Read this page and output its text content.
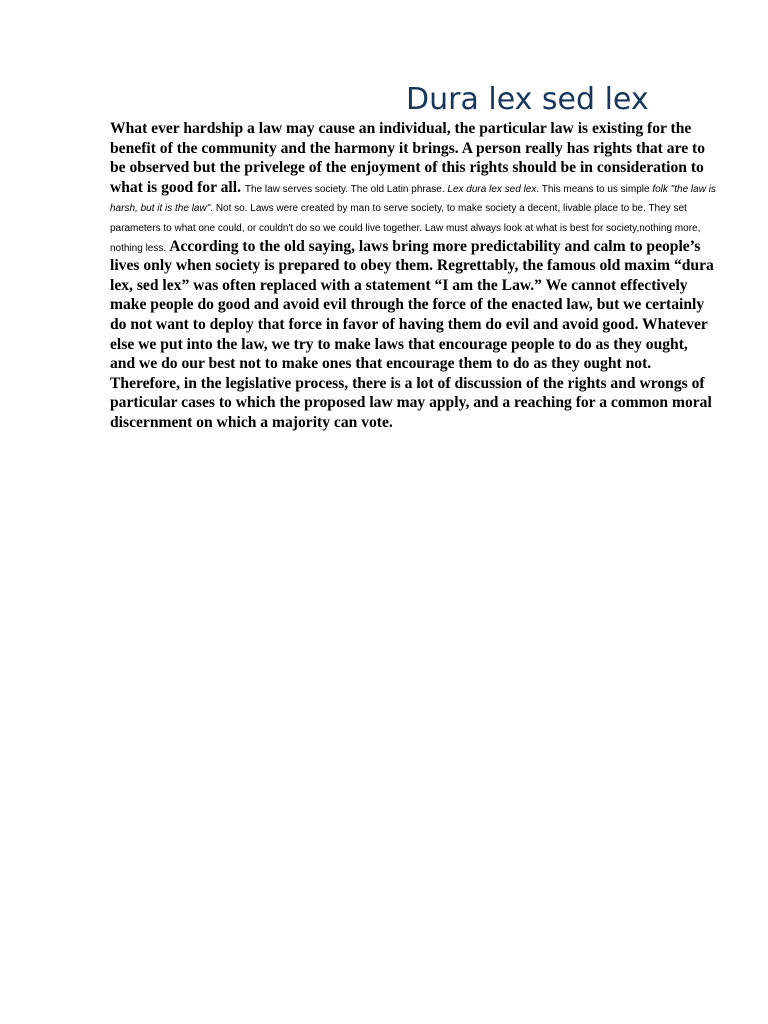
Dura lex sed lex

What ever hardship a law may cause an individual, the particular law is existing for the benefit of the community and the harmony it brings. A person really has rights that are to be observed but the privelege of the enjoyment of this rights should be in consideration to what is good for all. The law serves society. The old Latin phrase. Lex dura lex sed lex. This means to us simple folk "the law is harsh, but it is the law". Not so. Laws were created by man to serve society, to make society a decent, livable place to be. They set parameters to what one could, or couldn't do so we could live together. Law must always look at what is best for society,nothing more, nothing less. According to the old saying, laws bring more predictability and calm to people’s lives only when society is prepared to obey them. Regrettably, the famous old maxim “dura lex, sed lex” was often replaced with a statement “I am the Law.” We cannot effectively make people do good and avoid evil through the force of the enacted law, but we certainly do not want to deploy that force in favor of having them do evil and avoid good. Whatever else we put into the law, we try to make laws that encourage people to do as they ought, and we do our best not to make ones that encourage them to do as they ought not. Therefore, in the legislative process, there is a lot of discussion of the rights and wrongs of particular cases to which the proposed law may apply, and a reaching for a common moral discernment on which a majority can vote.
